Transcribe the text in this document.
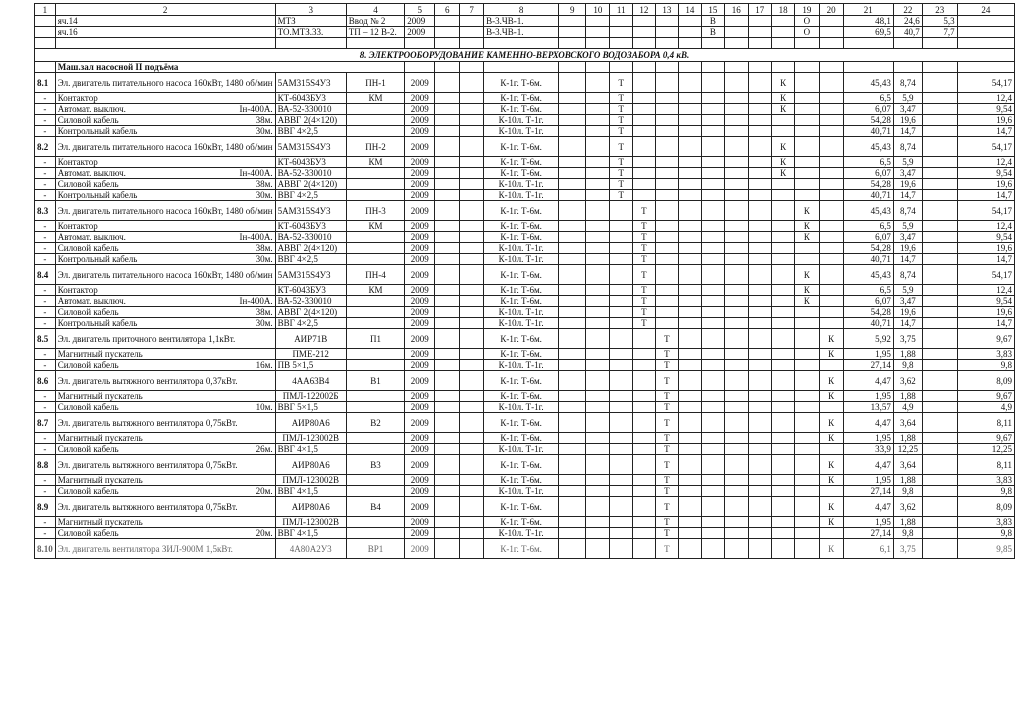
1	2	3	4	5	6	7	8	9	10	11	12	13	14	15	16	17	18	19	20	21	22	23	24
	яч.14	МТЗ	Ввод № 2	2009			В-3.ЧВ-1.							В				О		48,1	24,6	5,3	
	яч.16	ТО.МТЗ.33.	ТП – 12 В-2.	2009			В-3.ЧВ-1.							В				О		69,5	40,7	7,7	

8. ЭЛЕКТРООБОРУДОВАНИЕ КАМЕННО-ВЕРХОВСКОГО ВОДОЗАБОРА 0,4 кВ.																							
	Маш.зал насосной II подъёма																						
8.1	Эл. двигатель питательного насоса 160кВт, 1480 об/мин	5АМ315S4У3	ПН-1	2009			К-1г. Т-6м.			Т							К			45,43	8,74		54,17
-	Контактор	КТ-6043БУ3	КМ	2009			К-1г. Т-6м.			Т							К			6,5	5,9		12,4
-	Автомат. выключ. Iн-400А.	ВА-52-330010		2009			К-1г. Т-6м.			Т							К			6,07	3,47		9,54
-	Силовой кабель 38м.	АВВГ 2(4×120)		2009			К-10л. Т-1г.			Т										54,28	19,6		19,6
-	Контрольный кабель 30м.	ВВГ 4×2,5		2009			К-10л. Т-1г.			Т										40,71	14,7		14,7
8.2	Эл. двигатель питательного насоса 160кВт, 1480 об/мин	5АМ315S4У3	ПН-2	2009			К-1г. Т-6м.			Т							К			45,43	8,74		54,17
-	Контактор	КТ-6043БУ3	КМ	2009			К-1г. Т-6м.			Т							К			6,5	5,9		12,4
-	Автомат. выключ. Iн-400А.	ВА-52-330010		2009			К-1г. Т-6м.			Т							К			6,07	3,47		9,54
-	Силовой кабель 38м.	АВВГ 2(4×120)		2009			К-10л. Т-1г.			Т										54,28	19,6		19,6
-	Контрольный кабель 30м.	ВВГ 4×2,5		2009			К-10л. Т-1г.			Т										40,71	14,7		14,7
8.3	Эл. двигатель питательного насоса 160кВт, 1480 об/мин	5АМ315S4У3	ПН-3	2009			К-1г. Т-6м.				Т							К		45,43	8,74		54,17
-	Контактор	КТ-6043БУ3	КМ	2009			К-1г. Т-6м.				Т							К		6,5	5,9		12,4
-	Автомат. выключ. Iн-400А.	ВА-52-330010		2009			К-1г. Т-6м.				Т							К		6,07	3,47		9,54
-	Силовой кабель 38м.	АВВГ 2(4×120)		2009			К-10л. Т-1г.				Т									54,28	19,6		19,6
-	Контрольный кабель 30м.	ВВГ 4×2,5		2009			К-10л. Т-1г.				Т									40,71	14,7		14,7
8.4	Эл. двигатель питательного насоса 160кВт, 1480 об/мин	5АМ315S4У3	ПН-4	2009			К-1г. Т-6м.				Т							К		45,43	8,74		54,17
-	Контактор	КТ-6043БУ3	КМ	2009			К-1г. Т-6м.				Т							К		6,5	5,9		12,4
-	Автомат. выключ. Iн-400А.	ВА-52-330010		2009			К-1г. Т-6м.				Т							К		6,07	3,47		9,54
-	Силовой кабель 38м.	АВВГ 2(4×120)		2009			К-10л. Т-1г.				Т									54,28	19,6		19,6
-	Контрольный кабель 30м.	ВВГ 4×2,5		2009			К-10л. Т-1г.				Т									40,71	14,7		14,7
8.5	Эл. двигатель приточного вентилятора 1,1кВт.	АИР71В	П1	2009			К-1г. Т-6м.					Т							К	5,92	3,75		9,67
-	Магнитный пускатель	ПМЕ-212		2009			К-1г. Т-6м.					Т							К	1,95	1,88		3,83
-	Силовой кабель 16м.	ПВ 5×1,5		2009			К-10л. Т-1г.					Т								27,14	9,8		9,8
8.6	Эл. двигатель вытяжного вентилятора 0,37кВт.	4АА63В4	В1	2009			К-1г. Т-6м.					Т							К	4,47	3,62		8,09
-	Магнитный пускатель	ПМЛ-122002Б		2009			К-1г. Т-6м.					Т							К	1,95	1,88		9,67
-	Силовой кабель 10м.	ВВГ 5×1,5		2009			К-10л. Т-1г.					Т								13,57	4,9		4,9
8.7	Эл. двигатель вытяжного вентилятора 0,75кВт.	АИР80А6	В2	2009			К-1г. Т-6м.					Т							К	4,47	3,64		8,11
-	Магнитный пускатель	ПМЛ-123002В		2009			К-1г. Т-6м.					Т							К	1,95	1,88		9,67
-	Силовой кабель 26м.	ВВГ 4×1,5		2009			К-10л. Т-1г.					Т								33,9	12,25		12,25
8.8	Эл. двигатель вытяжного вентилятора 0,75кВт.	АИР80А6	В3	2009			К-1г. Т-6м.					Т							К	4,47	3,64		8,11
-	Магнитный пускатель	ПМЛ-123002В		2009			К-1г. Т-6м.					Т							К	1,95	1,88		3,83
-	Силовой кабель 20м.	ВВГ 4×1,5		2009			К-10л. Т-1г.					Т								27,14	9,8		9,8
8.9	Эл. двигатель вытяжного вентилятора 0,75кВт.	АИР80А6	В4	2009			К-1г. Т-6м.					Т							К	4,47	3,62		8,09
-	Магнитный пускатель	ПМЛ-123002В		2009			К-1г. Т-6м.					Т							К	1,95	1,88		3,83
-	Силовой кабель 20м.	ВВГ 4×1,5		2009			К-10л. Т-1г.					Т								27,14	9,8		9,8
8.10	Эл. двигатель вентилятора ЗИЛ-900М 1,5кВт.	4А80А2У3	ВР1	2009			К-1г. Т-6м.					Т							К	6,1	3,75		9,85
